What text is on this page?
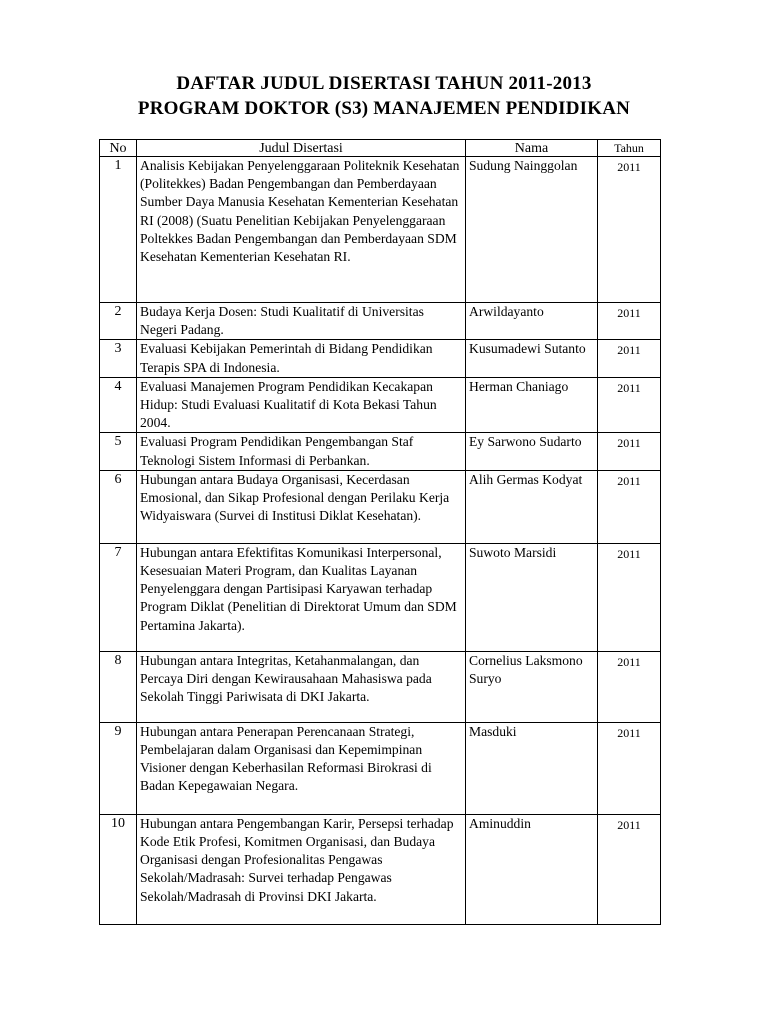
DAFTAR JUDUL DISERTASI TAHUN 2011-2013
PROGRAM DOKTOR (S3) MANAJEMEN PENDIDIKAN
No	Judul Disertasi	Nama	Tahun
1	Analisis Kebijakan Penyelenggaraan Politeknik Kesehatan (Politekkes) Badan Pengembangan dan Pemberdayaan Sumber Daya Manusia Kesehatan Kementerian Kesehatan RI (2008) (Suatu Penelitian Kebijakan Penyelenggaraan Poltekkes Badan Pengembangan dan Pemberdayaan SDM Kesehatan Kementerian Kesehatan RI.	Sudung Nainggolan	2011
2	Budaya Kerja Dosen: Studi Kualitatif di Universitas Negeri Padang.	Arwildayanto	2011
3	Evaluasi Kebijakan Pemerintah di Bidang Pendidikan Terapis SPA di Indonesia.	Kusumadewi Sutanto	2011
4	Evaluasi Manajemen Program Pendidikan Kecakapan Hidup: Studi Evaluasi Kualitatif di Kota Bekasi Tahun 2004.	Herman Chaniago	2011
5	Evaluasi Program Pendidikan Pengembangan Staf Teknologi Sistem Informasi di Perbankan.	Ey Sarwono Sudarto	2011
6	Hubungan antara Budaya Organisasi, Kecerdasan Emosional, dan Sikap Profesional dengan Perilaku Kerja Widyaiswara (Survei di Institusi Diklat Kesehatan).	Alih Germas Kodyat	2011
7	Hubungan antara Efektifitas Komunikasi Interpersonal, Kesesuaian Materi Program, dan Kualitas Layanan Penyelenggara dengan Partisipasi Karyawan terhadap Program Diklat (Penelitian di Direktorat Umum dan SDM Pertamina Jakarta).	Suwoto Marsidi	2011
8	Hubungan antara Integritas, Ketahanmalangan, dan Percaya Diri dengan Kewirausahaan Mahasiswa pada Sekolah Tinggi Pariwisata di DKI Jakarta.	Cornelius Laksmono Suryo	2011
9	Hubungan antara Penerapan Perencanaan Strategi, Pembelajaran dalam Organisasi dan Kepemimpinan Visioner dengan Keberhasilan Reformasi Birokrasi di Badan Kepegawaian Negara.	Masduki	2011
10	Hubungan antara Pengembangan Karir, Persepsi terhadap Kode Etik Profesi, Komitmen Organisasi, dan Budaya Organisasi dengan Profesionalitas Pengawas Sekolah/Madrasah: Survei terhadap Pengawas Sekolah/Madrasah di Provinsi DKI Jakarta.	Aminuddin	2011
